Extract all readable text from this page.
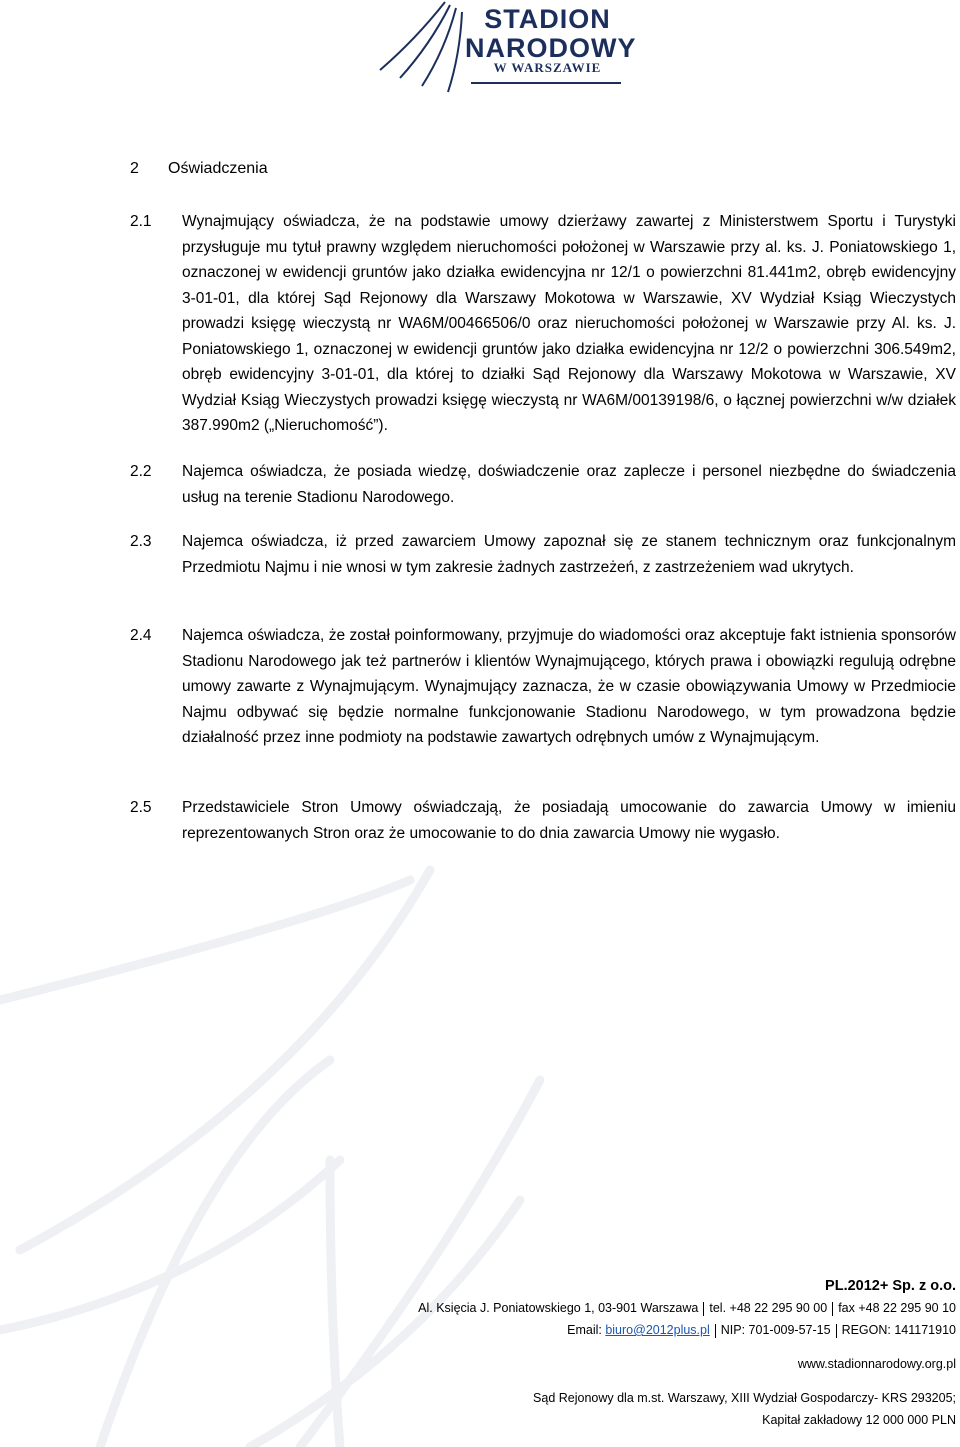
STADION
NARODOWY
W WARSZAWIE
2 Oświadczenia
2.1	Wynajmujący oświadcza, że na podstawie umowy dzierżawy zawartej z Ministerstwem Sportu i Turystyki przysługuje mu tytuł prawny względem nieruchomości położonej w Warszawie przy al. ks. J. Poniatowskiego 1, oznaczonej w ewidencji gruntów jako działka ewidencyjna nr 12/1 o powierzchni 81.441m2, obręb ewidencyjny 3-01-01, dla której Sąd Rejonowy dla Warszawy Mokotowa w Warszawie, XV Wydział Ksiąg Wieczystych prowadzi księgę wieczystą nr WA6M/00466506/0 oraz nieruchomości położonej w Warszawie przy Al. ks. J. Poniatowskiego 1, oznaczonej w ewidencji gruntów jako działka ewidencyjna nr 12/2 o powierzchni 306.549m2, obręb ewidencyjny 3-01-01, dla której to działki Sąd Rejonowy dla Warszawy Mokotowa w Warszawie, XV Wydział Ksiąg Wieczystych prowadzi księgę wieczystą nr WA6M/00139198/6, o łącznej powierzchni w/w działek 387.990m2 („Nieruchomość”).
2.2	Najemca oświadcza, że posiada wiedzę, doświadczenie oraz zaplecze i personel niezbędne do świadczenia usług na terenie Stadionu Narodowego.
2.3	Najemca oświadcza, iż przed zawarciem Umowy zapoznał się ze stanem technicznym oraz funkcjonalnym Przedmiotu Najmu i nie wnosi w tym zakresie żadnych zastrzeżeń, z zastrzeżeniem wad ukrytych.
2.4	Najemca oświadcza, że został poinformowany, przyjmuje do wiadomości oraz akceptuje fakt istnienia sponsorów Stadionu Narodowego jak też partnerów i klientów Wynajmującego, których prawa i obowiązki regulują odrębne umowy zawarte z Wynajmującym. Wynajmujący zaznacza, że w czasie obowiązywania Umowy w Przedmiocie Najmu odbywać się będzie normalne funkcjonowanie Stadionu Narodowego, w tym prowadzona będzie działalność przez inne podmioty na podstawie zawartych odrębnych umów z Wynajmującym.
2.5	Przedstawiciele Stron Umowy oświadczają, że posiadają umocowanie do zawarcia Umowy w imieniu reprezentowanych Stron oraz że umocowanie to do dnia zawarcia Umowy nie wygasło.
PL.2012+ Sp. z o.o.
Al. Księcia J. Poniatowskiego 1, 03-901 Warszawa tel. +48 22 295 90 00 fax +48 22 295 90 10
Email: biuro@2012plus.pl NIP: 701-009-57-15 REGON: 141171910
www.stadionnarodowy.org.pl
Sąd Rejonowy dla m.st. Warszawy, XIII Wydział Gospodarczy- KRS 293205;
Kapitał zakładowy 12 000 000 PLN
